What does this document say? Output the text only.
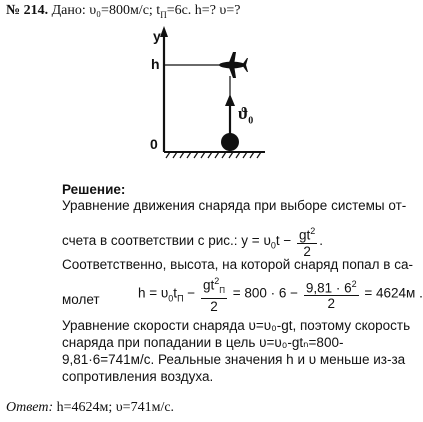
№ 214. Дано: υ₀=800м/с; $t_П=6с$. h=? υ=?
y
h
0
$ϑ_0$
Решение:
Уравнение движения снаряда при выборе системы от-
счета в соответствии с рис.: $y = \upsilon_0t - \frac{gt^2}{2}$ .
Соответственно, высота, на которой снаряд попал в са-
молет	$h = \upsilon_0t_П - \frac{gt^2_П}{2} = 800 \cdot 6 - \frac{9,81 \cdot 6^2}{2} = 4624м$ .
Уравнение скорости снаряда υ=υ₀-gt, поэтому скорость
снаряда при попадании в цель υ=υ₀-gtₙ=800-
9,81·6=741м/с. Реальные значения h и υ меньше из-за
сопротивления воздуха.
Ответ: h=4624м; υ=741м/с.
